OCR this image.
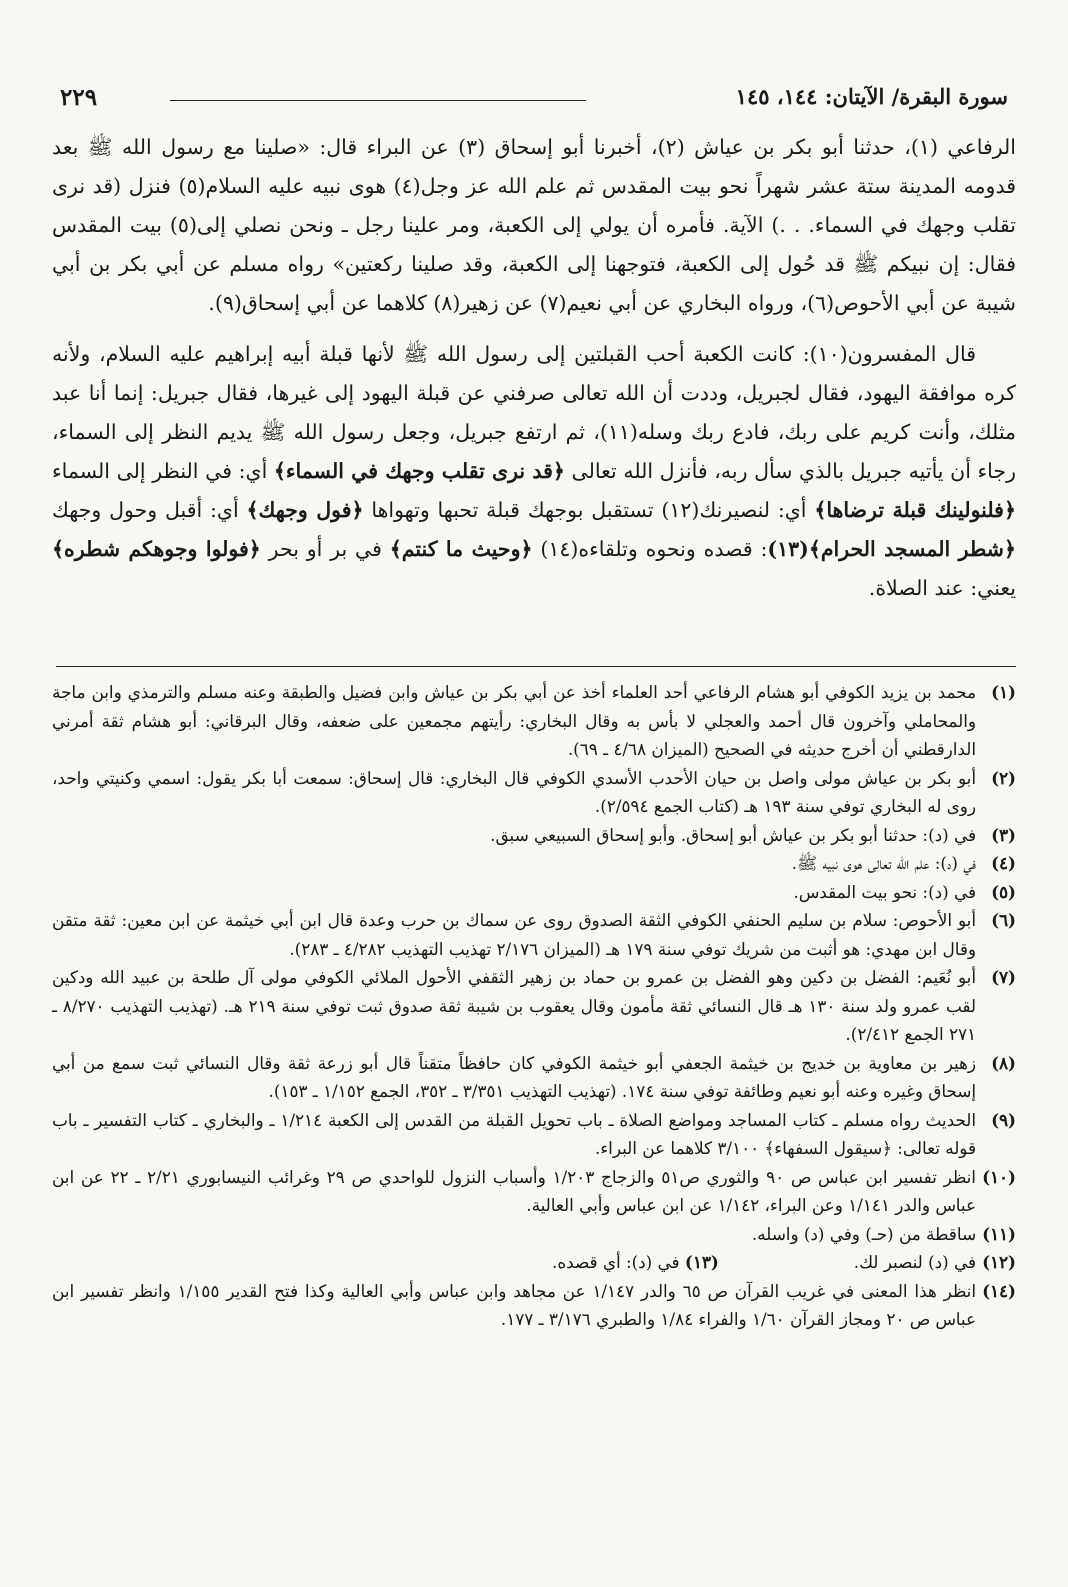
سورة البقرة/ الآيتان: ١٤٤، ١٤٥
٢٢٩

الرفاعي (١)، حدثنا أبو بكر بن عياش (٢)، أخبرنا أبو إسحاق (٣) عن البراء قال: «صلينا مع رسول الله ﷺ بعد قدومه المدينة ستة عشر شهراً نحو بيت المقدس ثم علم الله عز وجل(٤) هوى نبيه عليه السلام(٥) فنزل (قد نرى تقلب وجهك في السماء. . .) الآية. فأمره أن يولي إلى الكعبة، ومر علينا رجل ـ ونحن نصلي إلى(٥) بيت المقدس فقال: إن نبيكم ﷺ قد حُول إلى الكعبة، فتوجهنا إلى الكعبة، وقد صلينا ركعتين» رواه مسلم عن أبي بكر بن أبي شيبة عن أبي الأحوص(٦)، ورواه البخاري عن أبي نعيم(٧) عن زهير(٨) كلاهما عن أبي إسحاق(٩).

قال المفسرون(١٠): كانت الكعبة أحب القبلتين إلى رسول الله ﷺ لأنها قبلة أبيه إبراهيم عليه السلام، ولأنه كره موافقة اليهود، فقال لجبريل، وددت أن الله تعالى صرفني عن قبلة اليهود إلى غيرها، فقال جبريل: إنما أنا عبد مثلك، وأنت كريم على ربك، فادع ربك وسله(١١)، ثم ارتفع جبريل، وجعل رسول الله ﷺ يديم النظر إلى السماء، رجاء أن يأتيه جبريل بالذي سأل ربه، فأنزل الله تعالى ﴿قد نرى تقلب وجهك في السماء﴾ أي: في النظر إلى السماء ﴿فلنولينك قبلة ترضاها﴾ أي: لنصيرنك(١٢) تستقبل بوجهك قبلة تحبها وتهواها ﴿فول وجهك﴾ أي: أقبل وحول وجهك ﴿شطر المسجد الحرام﴾(١٣): قصده ونحوه وتلقاءه(١٤) ﴿وحيث ما كنتم﴾ في بر أو بحر ﴿فولوا وجوهكم شطره﴾ يعني: عند الصلاة.

(١)
محمد بن يزيد الكوفي أبو هشام الرفاعي أحد العلماء أخذ عن أبي بكر بن عياش وابن فضيل والطبقة وعنه مسلم والترمذي وابن ماجة والمحاملي وآخرون قال أحمد والعجلي لا بأس به وقال البخاري: رأيتهم مجمعين على ضعفه، وقال البرقاني: أبو هشام ثقة أمرني الدارقطني أن أخرج حديثه في الصحيح (الميزان ٤/٦٨ ـ ٦٩).
(٢)
أبو بكر بن عياش مولى واصل بن حيان الأحدب الأسدي الكوفي قال البخاري: قال إسحاق: سمعت أبا بكر يقول: اسمي وكنيتي واحد، روى له البخاري توفي سنة ١٩٣ هـ (كتاب الجمع ٢/٥٩٤).
(٣)
في (د): حدثنا أبو بكر بن عياش أبو إسحاق. وأبو إسحاق السبيعي سبق.
(٤)
في (د): علم الله تعالى هوى نبيه ﷺ.
(٥)
في (د): نحو بيت المقدس.
(٦)
أبو الأحوص: سلام بن سليم الحنفي الكوفي الثقة الصدوق روى عن سماك بن حرب وعدة قال ابن أبي خيثمة عن ابن معين: ثقة متقن وقال ابن مهدي: هو أثبت من شريك توفي سنة ١٧٩ هـ (الميزان ٢/١٧٦ تهذيب التهذيب ٤/٢٨٢ ـ ٢٨٣).
(٧)
أبو نُعَيم: الفضل بن دكين وهو الفضل بن عمرو بن حماد بن زهير الثقفي الأحول الملائي الكوفي مولى آل طلحة بن عبيد الله ودكين لقب عمرو ولد سنة ١٣٠ هـ قال النسائي ثقة مأمون وقال يعقوب بن شيبة ثقة صدوق ثبت توفي سنة ٢١٩ هـ. (تهذيب التهذيب ٨/٢٧٠ ـ ٢٧١ الجمع ٢/٤١٢).
(٨)
زهير بن معاوية بن خديج بن خيثمة الجعفي أبو خيثمة الكوفي كان حافظاً متقناً قال أبو زرعة ثقة وقال النسائي ثبت سمع من أبي إسحاق وغيره وعنه أبو نعيم وطائفة توفي سنة ١٧٤. (تهذيب التهذيب ٣/٣٥١ ـ ٣٥٢، الجمع ١/١٥٢ ـ ١٥٣).
(٩)
الحديث رواه مسلم ـ كتاب المساجد ومواضع الصلاة ـ باب تحويل القبلة من القدس إلى الكعبة ١/٢١٤ ـ والبخاري ـ كتاب التفسير ـ باب قوله تعالى: ﴿سيقول السفهاء﴾ ٣/١٠٠ كلاهما عن البراء.
(١٠)
انظر تفسير ابن عباس ص ٩٠ والثوري ص٥١ والزجاج ١/٢٠٣ وأسباب النزول للواحدي ص ٢٩ وغرائب النيسابوري ٢/٢١ ـ ٢٢ عن ابن عباس والدر ١/١٤١ وعن البراء، ١/١٤٢ عن ابن عباس وأبي العالية.
(١١)
ساقطة من (حـ) وفي (د) واسله.
(١٢)
في (د) لنصبر لك.
(١٣) في (د): أي قصده.
(١٤)
انظر هذا المعنى في غريب القرآن ص ٦٥ والدر ١/١٤٧ عن مجاهد وابن عباس وأبي العالية وكذا فتح القدير ١/١٥٥ وانظر تفسير ابن عباس ص ٢٠ ومجاز القرآن ١/٦٠ والفراء ١/٨٤ والطبري ٣/١٧٦ ـ ١٧٧.
